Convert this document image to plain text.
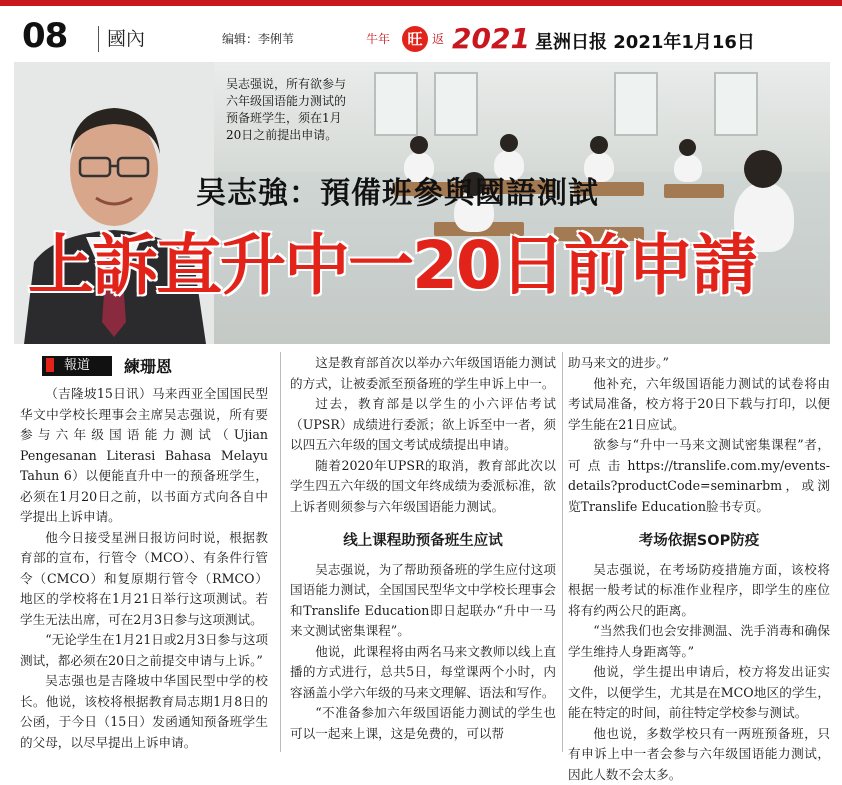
08	國內	编辑：李俐苇	牛年	旺 返 2021 星洲日报 2021年1月16日
吴志强说，所有欲参与六年级国语能力测试的预备班学生，须在1月20日之前提出申请。
吴志強：預備班參與國語測試
上訴直升中一20日前申請
報道	練珊恩

（吉隆坡15日讯）马来西亚全国国民型华文中学校长理事会主席吴志强说，所有要参与六年级国语能力测试（Ujian Pengesanan Literasi Bahasa Melayu Tahun 6）以便能直升中一的预备班学生，必须在1月20日之前，以书面方式向各自中学提出上诉申请。

他今日接受星洲日报访问时说，根据教育部的宣布，行管令（MCO）、有条件行管令（CMCO）和复原期行管令（RMCO）地区的学校将在1月21日举行这项测试。若学生无法出席，可在2月3日参与这项测试。

“无论学生在1月21日或2月3日参与这项测试，都必须在20日之前提交申请与上诉。”

吴志强也是吉隆坡中华国民型中学的校长。他说，该校将根据教育局志期1月8日的公函，于今日（15日）发函通知预备班学生的父母，以尽早提出上诉申请。

这是教育部首次以举办六年级国语能力测试的方式，让被委派至预备班的学生申诉上中一。

过去，教育部是以学生的小六评估考试（UPSR）成绩进行委派；欲上诉至中一者，须以四五六年级的国文考试成绩提出申请。

随着2020年UPSR的取消，教育部此次以学生四五六年级的国文年终成绩为委派标准，欲上诉者则须参与六年级国语能力测试。

线上课程助预备班生应试

吴志强说，为了帮助预备班的学生应付这项国语能力测试，全国国民型华文中学校长理事会和Translife Education即日起联办“升中一马来文测试密集课程”。

他说，此课程将由两名马来文教师以线上直播的方式进行，总共5日，每堂课两个小时，内容涵盖小学六年级的马来文理解、语法和写作。

“不准备参加六年级国语能力测试的学生也可以一起来上课，这是免费的，可以帮

助马来文的进步。”

他补充，六年级国语能力测试的试卷将由考试局准备，校方将于20日下载与打印，以便学生能在21日应试。

欲参与“升中一马来文测试密集课程”者，可点击https://translife.com.my/events-details?productCode=seminarbm，或浏览Translife Education脸书专页。

考场依据SOP防疫

吴志强说，在考场防疫措施方面，该校将根据一般考试的标准作业程序，即学生的座位将有约两公尺的距离。

“当然我们也会安排测温、洗手消毒和确保学生维持人身距离等。”

他说，学生提出申请后，校方将发出证实文件，以便学生，尤其是在MCO地区的学生，能在特定的时间，前往特定学校参与测试。

他也说，多数学校只有一两班预备班，只有申诉上中一者会参与六年级国语能力测试，因此人数不会太多。
